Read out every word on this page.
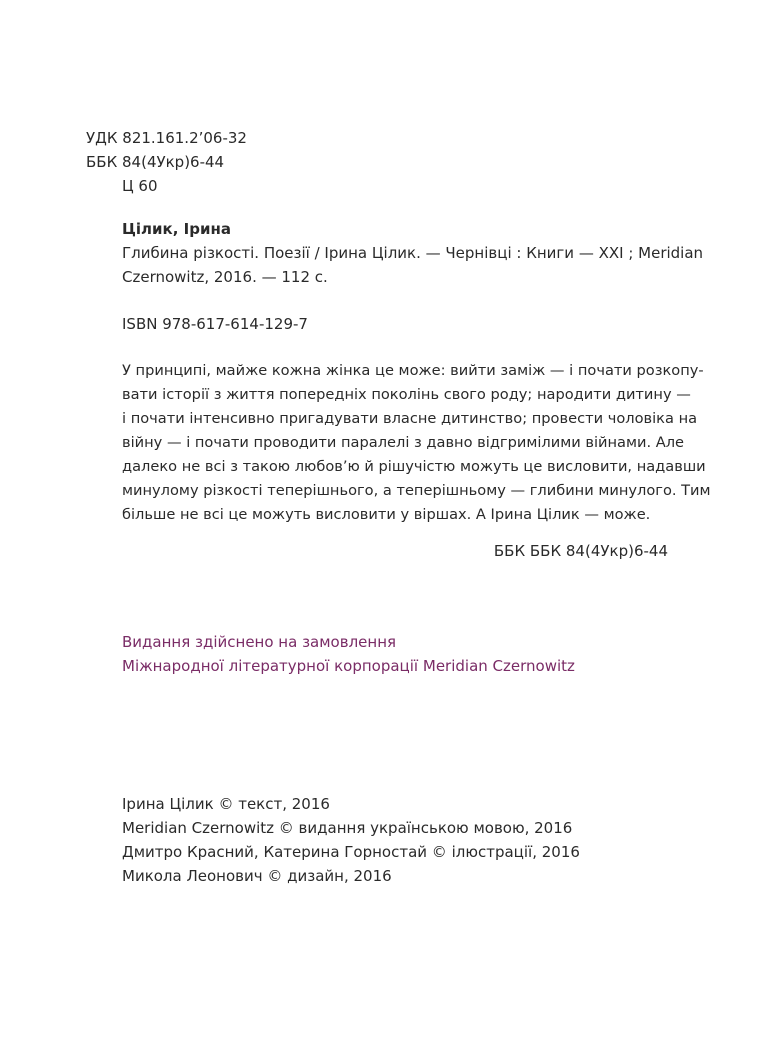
УДК 821.161.2’06-32
ББК 84(4Укр)6-44
Ц 60
Цілик, Ірина
Глибина різкості. Поезії / Ірина Цілик. — Чернівці : Книги — XXI ; Meridian
Czernowitz, 2016. — 112 с.
ISBN 978-617-614-129-7
У принципі, майже кожна жінка це може: вийти заміж — і почати розкопу-
вати історії з життя попередніх поколінь свого роду; народити дитину —
і почати інтенсивно пригадувати власне дитинство; провести чоловіка на
війну — і почати проводити паралелі з давно відгримілими війнами. Але
далеко не всі з такою любов’ю й рішучістю можуть це висловити, надавши
минулому різкості теперішнього, а теперішньому — глибини минулого. Тим
більше не всі це можуть висловити у віршах. А Ірина Цілик — може.
ББК ББК 84(4Укр)6-44
Видання здійснено на замовлення
Міжнародної літературної корпорації Meridian Czernowitz
Ірина Цілик © текст, 2016
Meridian Czernowitz © видання українською мовою, 2016
Дмитро Красний, Катерина Горностай © ілюстрації, 2016
Микола Леонович © дизайн, 2016
